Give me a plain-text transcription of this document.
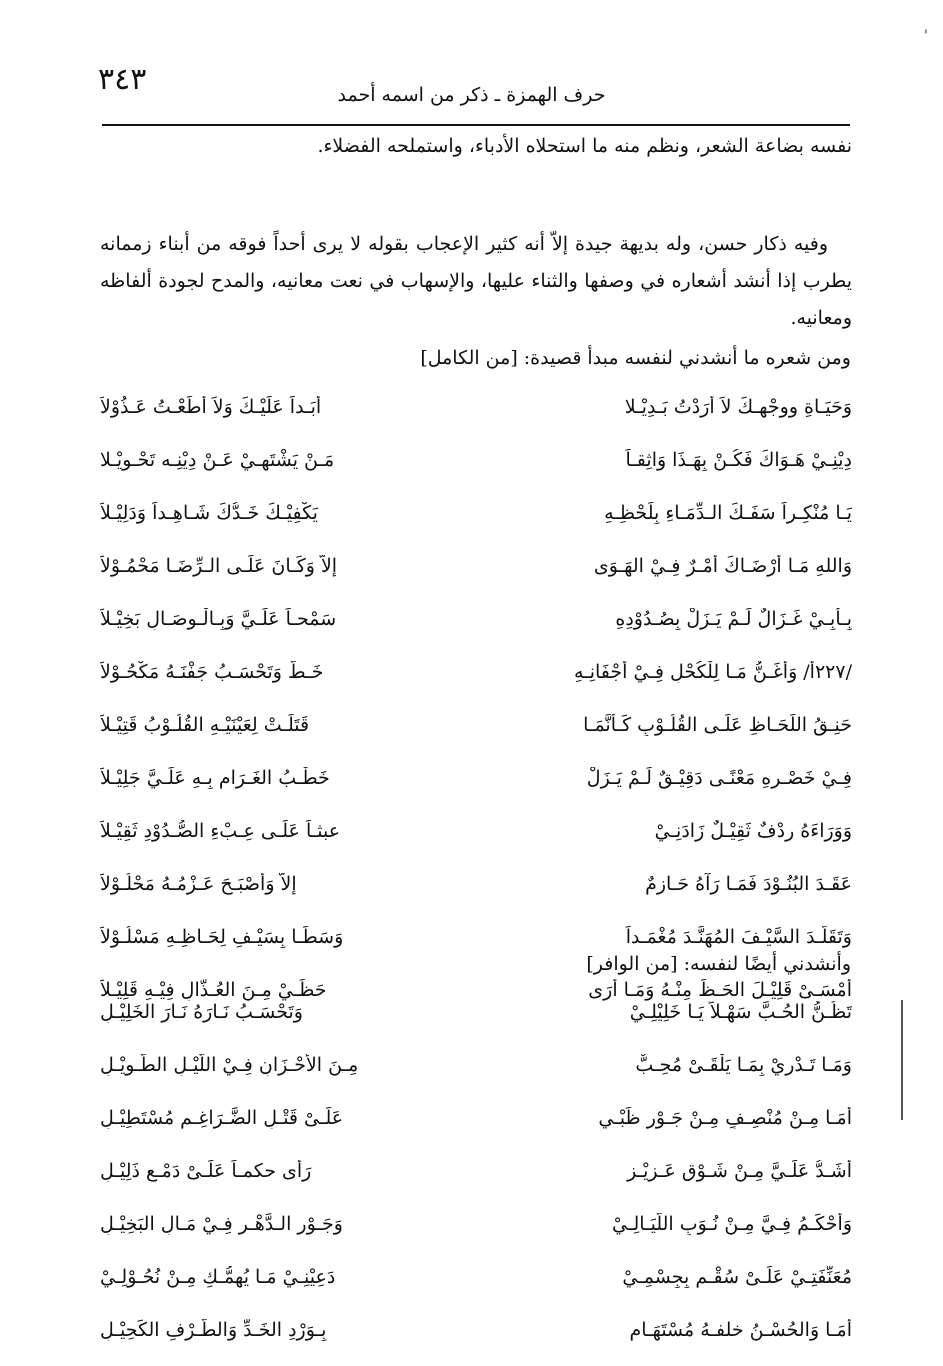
'
٣٤٣	حرف الهمزة ـ ذكر من اسمه أحمد

نفسه بضاعة الشعر، ونظم منه ما استحلاه الأدباء، واستملحه الفضلاء.

وفيه ذكار حسن، وله بديهة جيدة إلاّ أنه كثير الإعجاب بقوله لا يرى أحداً فوقه من أبناء زممانه يطرب إذا أنشد أشعاره في وصفها والثناء عليها، والإسهاب في نعت معانيه، والمدح لجودة ألفاظه ومعانيه.

ومن شعره ما أنشدني لنفسه مبدأ قصيدة: [من الكامل]
وَحَيَـاةِ ووجْهِـكَ لاَ أَرَدْتُ بَـدِيْـلا
أَبَـداً عَلَيْـكَ وَلاَ أَطَعْـتُ عَـذُوْلاَ
دِيْنِـيْ هَـوَاكَ فَكُـنْ بِهَـذَا وَاثِقـاً
مَـنْ يَشْتَهِـيْ عَـنْ دِيْنِـه تَحْـوِيْـلا
يَـا مُنْكِـراً سَفَـكَ الـدِّمَـاءِ بِلَحْظِـهِ
يَكْفِيْـكَ خَـدُّكَ شَـاهِـداً وَدَلِيْـلاَ
وَاللهِ مَـا أَرْضَـاكَ أَمْـرٌ فِـيْ الهَـوَى
إِلاَّ وَكَـانَ عَلَـى الـرِّضَـا مَحْمُـوْلاَ
بِـأَبِـيْ غَـزَالٌ لَـمْ يَـزَلْ بِصُـدُوْدِهِ
سَمْحـاً عَلَـيَّ وَبِـالْـوِصَـالِ بَخِيْـلاَ
/٢٢٧أ/ وَأغَـنُّ مَـا لِلْكُحْلِ فِـيْ أَجْفَانِـهِ
خَـطٌّ وَتَحْسَـبُ جَفْنَـهُ مَكْحُـوْلاَ
حَنِـقُ اللِّحَـاظِ عَلَـى القُلُـوْبِ كَـأَنَّمَـا
قَتَلَـتْ لِعَيْنَيْـهِ القُلُـوْبُ قَتِيْـلاَ
فِـيْ خَصْـرِهِ مَعْنًـى دَقِيْـقٌ لَـمْ يَـزَلْ
خَطْـبُ الغَـرَامِ بِـهِ عَلَـيَّ جَلِيْـلاَ
وَوَرَاءَهُ رِدْفٌ ثَقِيْـلٌ زَادَنِـيْ
عبثـاً عَلَـى عِـبْءِ الصُّـدُوْدِ ثَقِيْـلاَ
عَقَـدَ البُنُـوْدَ فَمَـا رَآهُ حَـازِمٌ
إِلاَّ وَأَصْبَـحَ عَـزْمُـهُ مَحْلُـوْلاَ
وَتَقَلَّـدَ السَّيْـفَ المُهَنَّـدَ مُغْمَـداً
وَسَطَـا بِسَيْـفِ لِحَـاظِـهِ مَسْلُـوْلاَ
أَمْسَـىْ قَلِيْـلَ الحَـظِّ مِنْـهُ وَمَـا أَرَى
حَظِّـيْ مِـنَ العُـذَّالِ فِيْـهِ قَلِيْـلاَ
وأنشدني أيضًا لنفسه: [من الوافر]
تَظُـنُّ الحُـبَّ سَهْـلاً يَـا خَلِيْلِـيْ
وَتَحْسَـبُ نَـارَهُ نَـارَ الخَلِيْـلِ
وَمَـا تَـدْرِيْ بِمَـا يَلْقَـىْ مُحِـبٌّ
مِـنَ الأَحْـزَانِ فِـيْ اللَّيْـلِ الطَّـوِيْـلِ
أَمَـا مِـنْ مُنْصِـفٍ مِـنْ جَـوْرِ ظَبْـيِ
عَلَـىْ قَتْـلِ الضَّـرَاغِـمِ مُسْتَطِيْـلِ
أَشَـدُّ عَلَـيَّ مِـنْ شَـوْقٍ عَـزِيْـزٍ
رَأَى حكمـاً عَلَـىْ دَمْـعٍ ذَلِيْـلِ
وَأَحْكَـمُ فِـيَّ مِـنْ نُـوَبِ اللَّيَـالِـيْ
وَجَـوْرِ الـدَّهْـرِ فِـيْ مَـالِ البَخِيْـلِ
مُعَنِّفَتِـيْ عَلَـىْ سُقْـمٍ بِجِسْمِـيْ
دَعِيْنِـيْ مَـا يُهِمُّـكِ مِـنْ نُحُـوْلِـيْ
أَمَـا وَالحُسْـنُ خلفـهُ مُسْتَهَـامٍ
بِـوَرْدِ الخَـدِّ وَالطَّـرْفِ الكَحِيْـلِ
